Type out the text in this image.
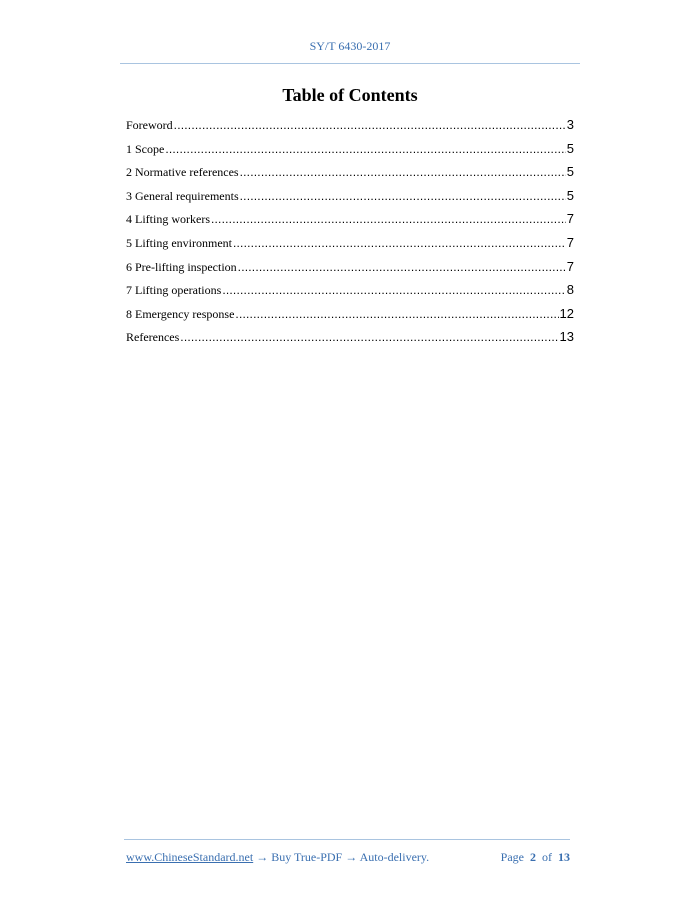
SY/T 6430-2017
Table of Contents
Foreword .....	3
1 Scope .....	5
2 Normative references .....	5
3 General requirements .....	5
4 Lifting workers .....	7
5 Lifting environment .....	7
6 Pre-lifting inspection .....	7
7 Lifting operations .....	8
8 Emergency response .....	12
References .....	13
www.ChineseStandard.net → Buy True-PDF → Auto-delivery.	Page 2 of 13
